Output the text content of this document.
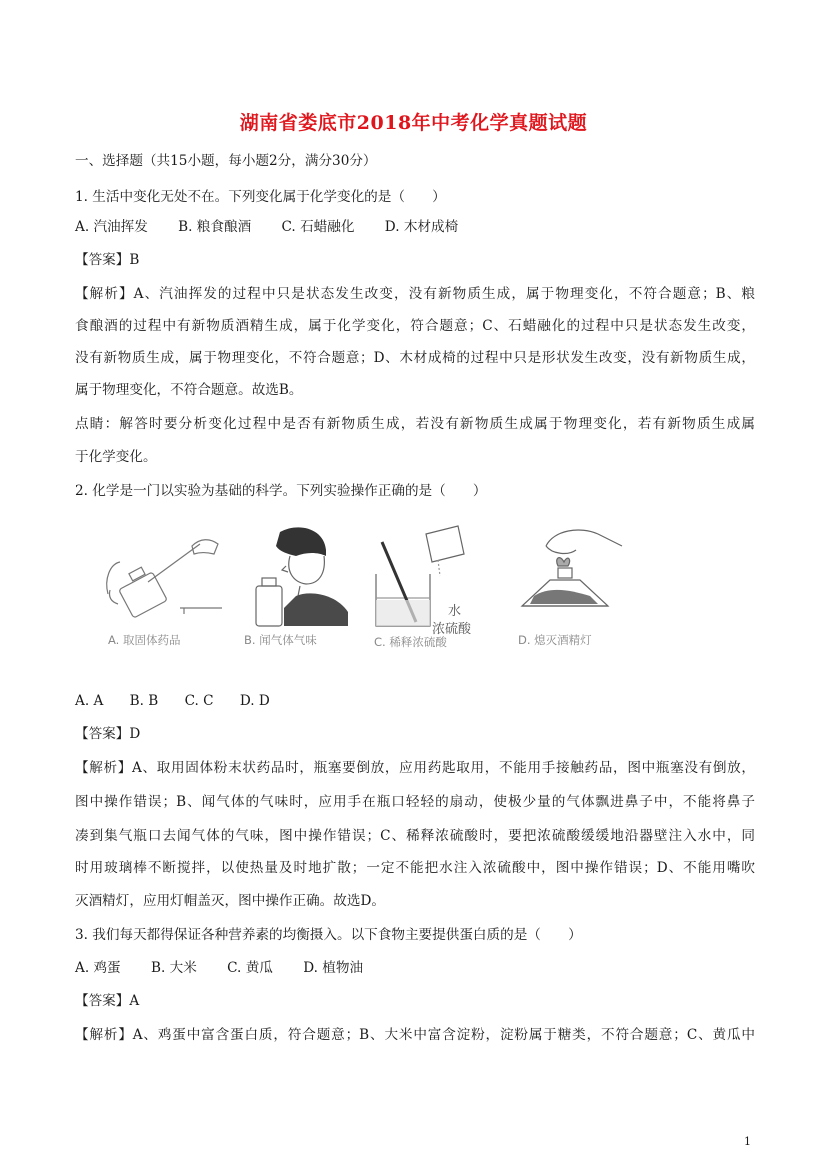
湖南省娄底市2018年中考化学真题试题
一、选择题（共15小题，每小题2分，满分30分）
1. 生活中变化无处不在。下列变化属于化学变化的是（　　）
A. 汽油挥发 B. 粮食酿酒 C. 石蜡融化 D. 木材成椅
【答案】B
【解析】A、汽油挥发的过程中只是状态发生改变，没有新物质生成，属于物理变化，不符合题意；B、粮
食酿酒的过程中有新物质酒精生成，属于化学变化，符合题意；C、石蜡融化的过程中只是状态发生改变，
没有新物质生成，属于物理变化，不符合题意；D、木材成椅的过程中只是形状发生改变，没有新物质生成，
属于物理变化，不符合题意。故选B。
点睛：解答时要分析变化过程中是否有新物质生成，若没有新物质生成属于物理变化，若有新物质生成属
于化学变化。
2. 化学是一门以实验为基础的科学。下列实验操作正确的是（　　）
A. 取固体药品	B. 闻气体气味
水
浓硫酸
C. 稀释浓硫酸	D. 熄灭酒精灯
A. A B. B C. C D. D
【答案】D
【解析】A、取用固体粉末状药品时，瓶塞要倒放，应用药匙取用，不能用手接触药品，图中瓶塞没有倒放，
图中操作错误；B、闻气体的气味时，应用手在瓶口轻轻的扇动，使极少量的气体飘进鼻子中，不能将鼻子
凑到集气瓶口去闻气体的气味，图中操作错误；C、稀释浓硫酸时，要把浓硫酸缓缓地沿器壁注入水中，同
时用玻璃棒不断搅拌，以使热量及时地扩散；一定不能把水注入浓硫酸中，图中操作错误；D、不能用嘴吹
灭酒精灯，应用灯帽盖灭，图中操作正确。故选D。
3. 我们每天都得保证各种营养素的均衡摄入。以下食物主要提供蛋白质的是（　　）
A. 鸡蛋 B. 大米 C. 黄瓜 D. 植物油
【答案】A
【解析】A、鸡蛋中富含蛋白质，符合题意；B、大米中富含淀粉，淀粉属于糖类，不符合题意；C、黄瓜中
1
